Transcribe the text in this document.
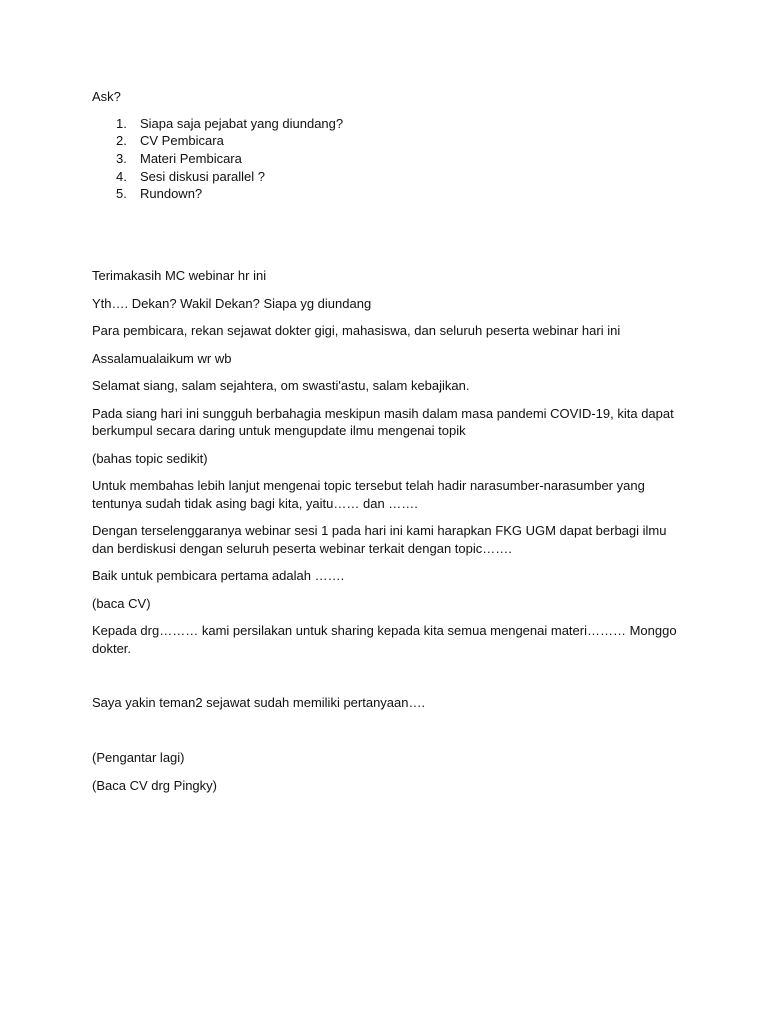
Ask?
1. Siapa saja pejabat yang diundang?
2. CV Pembicara
3. Materi Pembicara
4. Sesi diskusi parallel ?
5. Rundown?
Terimakasih MC webinar hr ini
Yth…. Dekan? Wakil Dekan? Siapa yg diundang
Para pembicara, rekan sejawat dokter gigi, mahasiswa, dan seluruh peserta webinar hari ini
Assalamualaikum wr wb
Selamat siang, salam sejahtera, om swasti'astu, salam kebajikan.
Pada siang hari ini sungguh berbahagia meskipun masih dalam masa pandemi COVID-19, kita dapat
berkumpul secara daring untuk mengupdate ilmu mengenai topik
(bahas topic sedikit)
Untuk membahas lebih lanjut mengenai topic tersebut telah hadir narasumber-narasumber yang
tentunya sudah tidak asing bagi kita, yaitu…… dan …….
Dengan terselenggaranya webinar sesi 1 pada hari ini kami harapkan FKG UGM dapat berbagi ilmu
dan berdiskusi dengan seluruh peserta webinar terkait dengan topic…….
Baik untuk pembicara pertama adalah …….
(baca CV)
Kepada drg……… kami persilakan untuk sharing kepada kita semua mengenai materi……… Monggo
dokter.
Saya yakin teman2 sejawat sudah memiliki pertanyaan….
(Pengantar lagi)
(Baca CV drg Pingky)
